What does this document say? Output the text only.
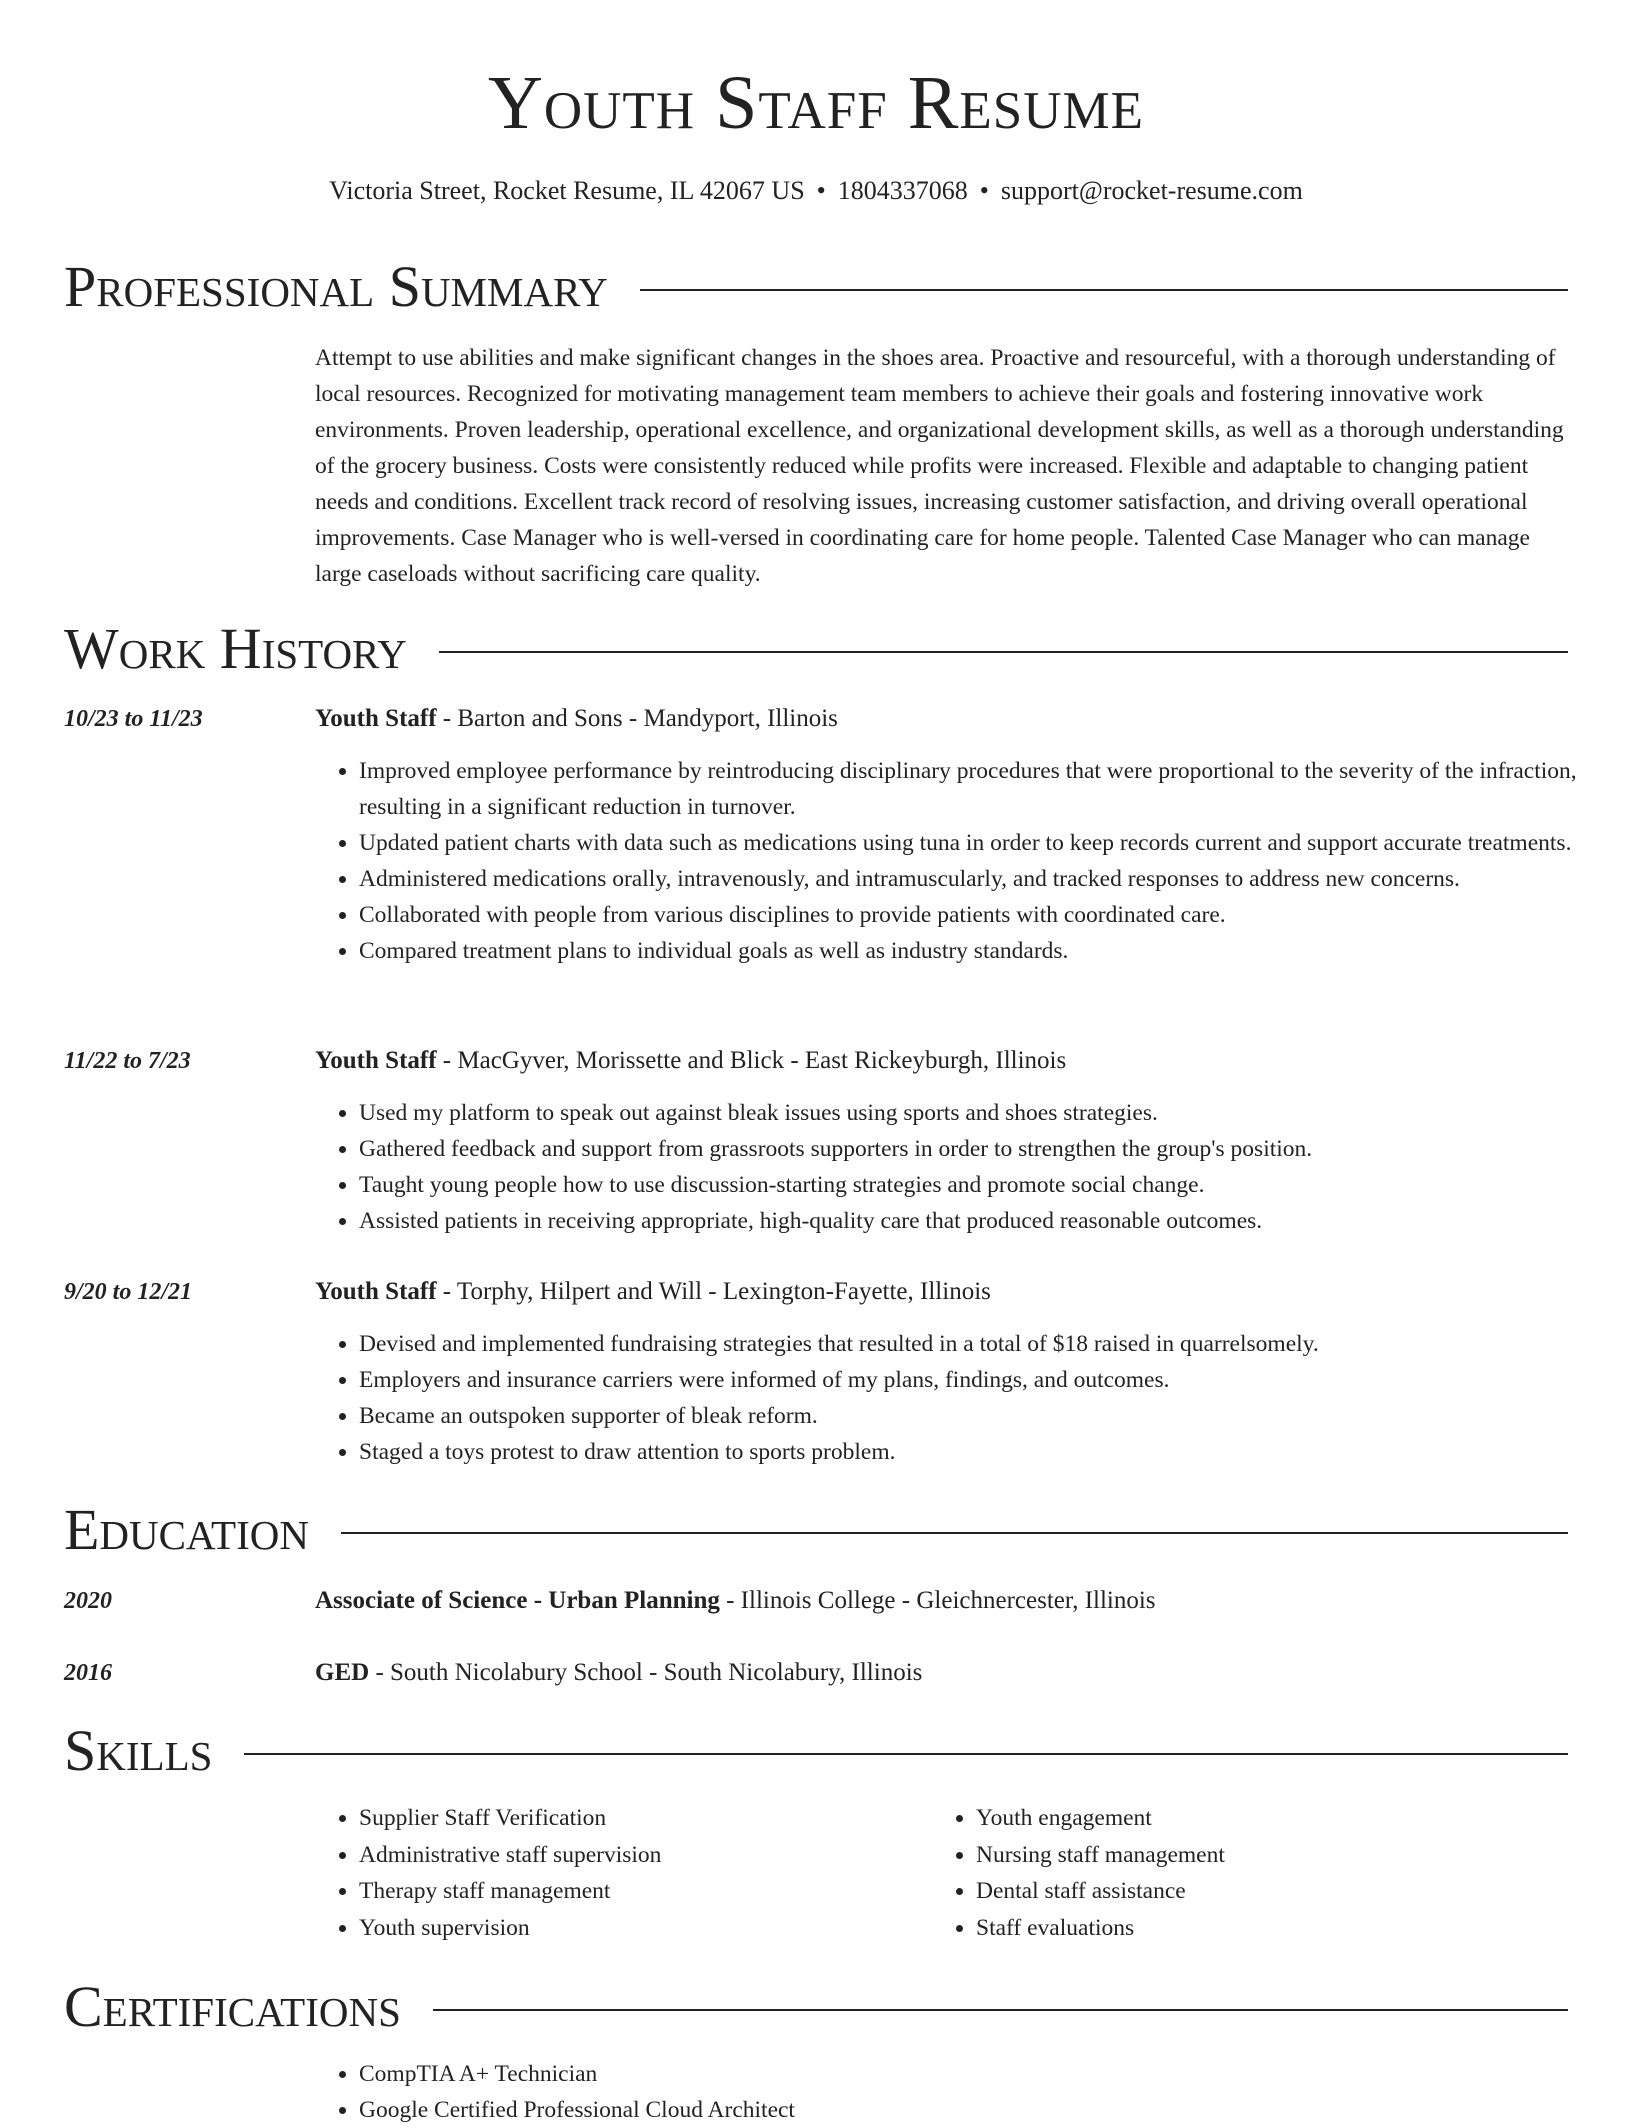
Youth Staff Resume
Victoria Street, Rocket Resume, IL 42067 US • 1804337068 • support@rocket-resume.com
Professional Summary

Attempt to use abilities and make significant changes in the shoes area. Proactive and resourceful, with a thorough understanding of local resources. Recognized for motivating management team members to achieve their goals and fostering innovative work environments. Proven leadership, operational excellence, and organizational development skills, as well as a thorough understanding of the grocery business. Costs were consistently reduced while profits were increased. Flexible and adaptable to changing patient needs and conditions. Excellent track record of resolving issues, increasing customer satisfaction, and driving overall operational improvements. Case Manager who is well-versed in coordinating care for home people. Talented Case Manager who can manage large caseloads without sacrificing care quality.

Work History
10/23 to 11/23	Youth Staff - Barton and Sons - Mandyport, Illinois
• Improved employee performance by reintroducing disciplinary procedures that were proportional to the severity of the infraction, resulting in a significant reduction in turnover.
• Updated patient charts with data such as medications using tuna in order to keep records current and support accurate treatments.
• Administered medications orally, intravenously, and intramuscularly, and tracked responses to address new concerns.
• Collaborated with people from various disciplines to provide patients with coordinated care.
• Compared treatment plans to individual goals as well as industry standards.
11/22 to 7/23	Youth Staff - MacGyver, Morissette and Blick - East Rickeyburgh, Illinois
• Used my platform to speak out against bleak issues using sports and shoes strategies.
• Gathered feedback and support from grassroots supporters in order to strengthen the group's position.
• Taught young people how to use discussion-starting strategies and promote social change.
• Assisted patients in receiving appropriate, high-quality care that produced reasonable outcomes.
9/20 to 12/21	Youth Staff - Torphy, Hilpert and Will - Lexington-Fayette, Illinois
• Devised and implemented fundraising strategies that resulted in a total of $18 raised in quarrelsomely.
• Employers and insurance carriers were informed of my plans, findings, and outcomes.
• Became an outspoken supporter of bleak reform.
• Staged a toys protest to draw attention to sports problem.
Education
2020	Associate of Science - Urban Planning - Illinois College - Gleichnercester, Illinois
2016	GED - South Nicolabury School - South Nicolabury, Illinois
Skills
• Supplier Staff Verification
• Administrative staff supervision
• Therapy staff management
• Youth supervision
• Youth engagement
• Nursing staff management
• Dental staff assistance
• Staff evaluations
Certifications
• CompTIA A+ Technician
• Google Certified Professional Cloud Architect
